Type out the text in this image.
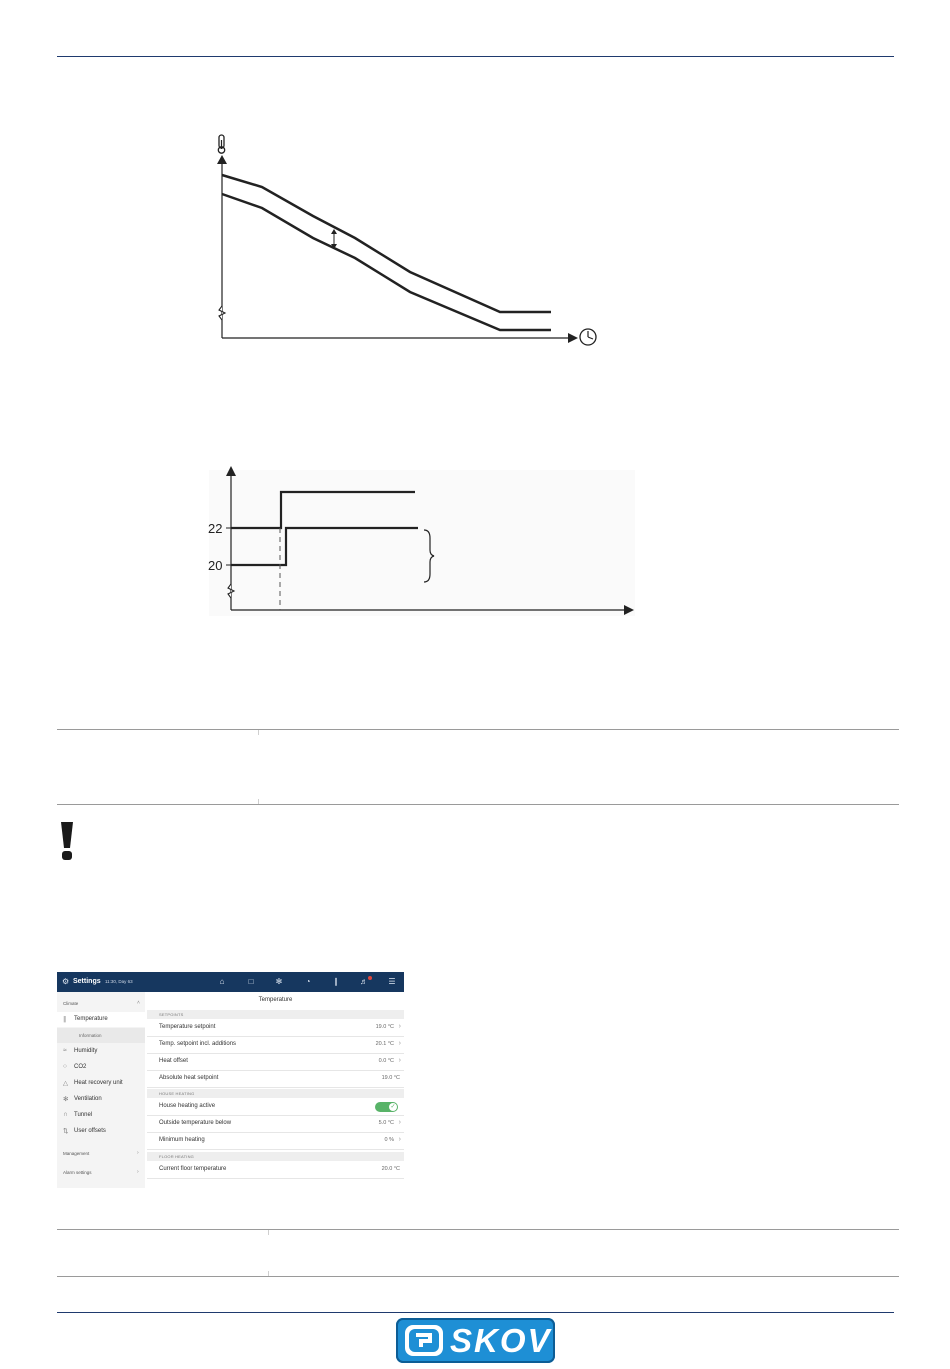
22
20
⚙ Settings 11:30, Day 63	⌂	□	✻	◔	∥	♬	☰
Climate	˄
∥ Temperature
Information
≈ Humidity
○ CO2
△ Heat recovery unit
✻ Ventilation
∩ Tunnel
⇅ User offsets
Management	›
Alarm settings	›
Temperature
SETPOINTS
Temperature setpoint	19.0 °C ›
Temp. setpoint incl. additions	20.1 °C ›
Heat offset	0.0 °C ›
Absolute heat setpoint	19.0 °C
HOUSE HEATING
House heating active	✓
Outside temperature below	5.0 °C ›
Minimum heating	0 % ›
FLOOR HEATING
Current floor temperature	20.0 °C
SKOV
